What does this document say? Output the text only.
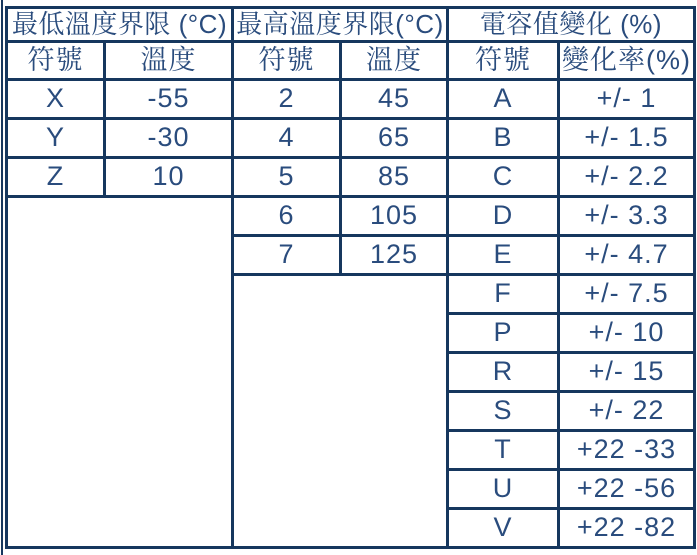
最低溫度界限 (°C)		最高溫度界限(°C)		電容值變化 (%)	
符號	溫度	符號	溫度	符號	變化率(%)
X	-55	2	45	A	+/- 1
Y	-30	4	65	B	+/- 1.5
Z	10	5	85	C	+/- 2.2
		6	105	D	+/- 3.3
		7	125	E	+/- 4.7
				F	+/- 7.5
				P	+/- 10
				R	+/- 15
				S	+/- 22
				T	+22 -33
				U	+22 -56
				V	+22 -82
